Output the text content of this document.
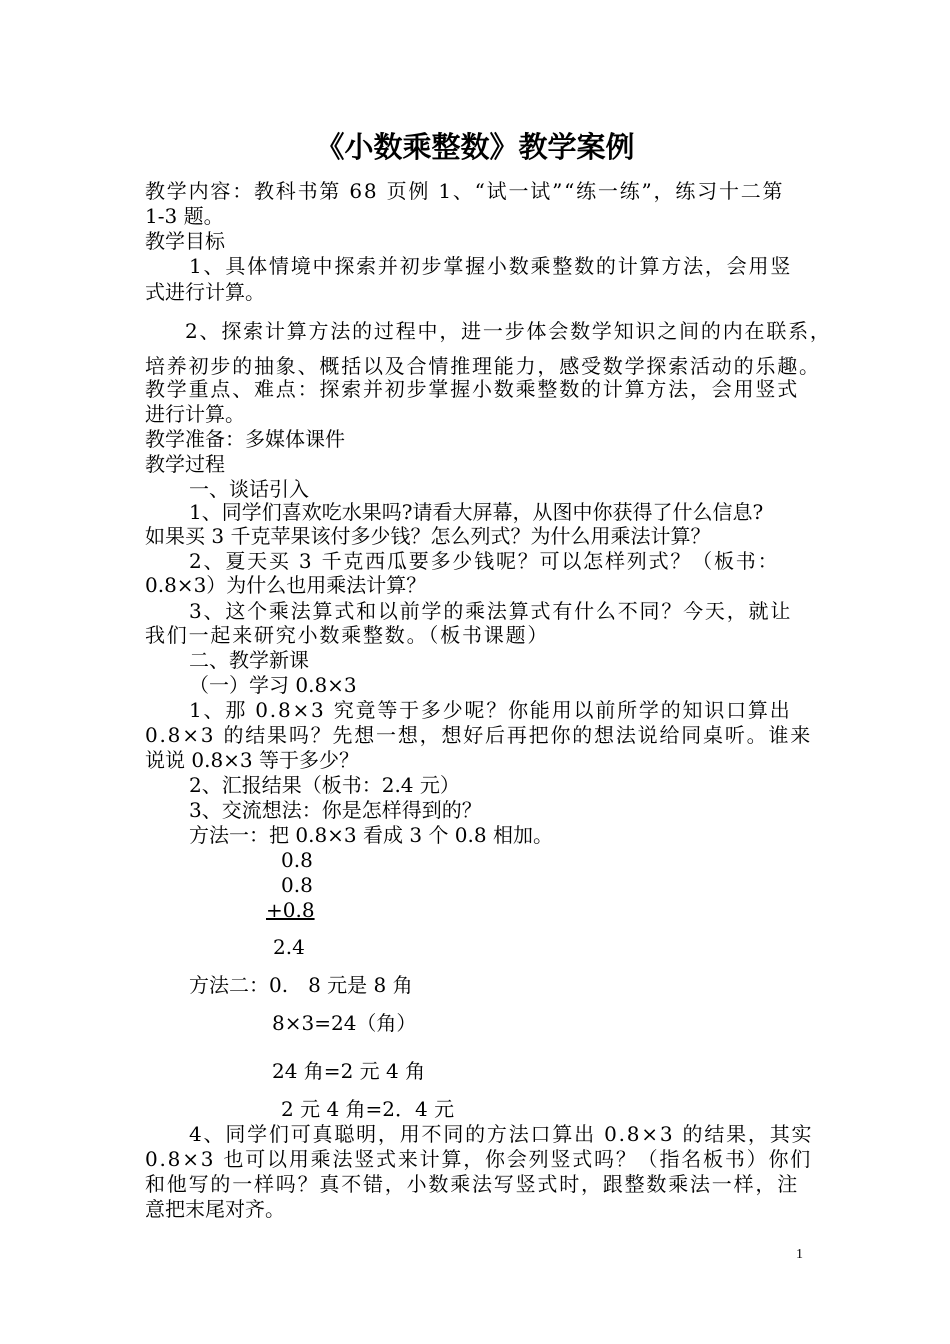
《小数乘整数》教学案例
教学内容：教科书第 68 页例 1、“试一试”“练一练”，练习十二第
1-3 题。
教学目标
1、具体情境中探索并初步掌握小数乘整数的计算方法，会用竖
式进行计算。
2、探索计算方法的过程中，进一步体会数学知识之间的内在联系，
培养初步的抽象、概括以及合情推理能力，感受数学探索活动的乐趣。
教学重点、难点：探索并初步掌握小数乘整数的计算方法，会用竖式
进行计算。
教学准备：多媒体课件
教学过程
一、谈话引入
1、同学们喜欢吃水果吗?请看大屏幕，从图中你获得了什么信息?
如果买 3 千克苹果该付多少钱？怎么列式？为什么用乘法计算？
2、夏天买 3 千克西瓜要多少钱呢？可以怎样列式？（板书：
0.8×3）为什么也用乘法计算？
3、这个乘法算式和以前学的乘法算式有什么不同？今天，就让
我们一起来研究小数乘整数。（板书课题）
二、教学新课
（一）学习 0.8×3
1、那 0.8×3 究竟等于多少呢？你能用以前所学的知识口算出
0.8×3 的结果吗？先想一想，想好后再把你的想法说给同桌听。谁来
说说 0.8×3 等于多少？
2、汇报结果（板书：2.4 元）
3、交流想法：你是怎样得到的？
方法一：把 0.8×3 看成 3 个 0.8 相加。
0.8
0.8
+0.8
2.4
方法二：0.　8 元是 8 角
8×3=24（角）
24 角=2 元 4 角
2 元 4 角=2．4 元
4、同学们可真聪明，用不同的方法口算出 0.8×3 的结果，其实
0.8×3 也可以用乘法竖式来计算，你会列竖式吗？（指名板书）你们
和他写的一样吗？真不错，小数乘法写竖式时，跟整数乘法一样，注
意把末尾对齐。
1
